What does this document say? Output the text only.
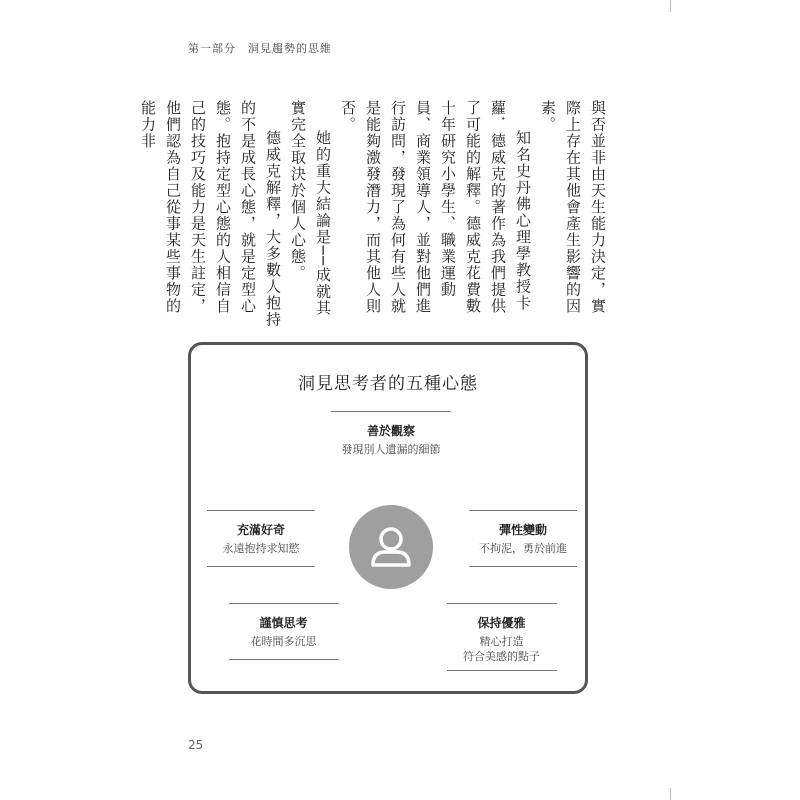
第一部分　洞見趨勢的思維

與否並非由天生能力決定，實際上存在其他會產生影響的因素。

知名史丹佛心理學教授卡蘿．德威克的著作為我們提供了可能的解釋。德威克花費數十年研究小學生、職業運動員、商業領導人，並對他們進行訪問，發現了為何有些人就是能夠激發潛力，而其他人則否。

她的重大結論是──成就其實完全取決於個人心態。

德威克解釋，大多數人抱持的不是成長心態，就是定型心態。抱持定型心態的人相信自己的技巧及能力是天生註定，他們認為自己從事某些事物的能力非

洞見思考者的五種心態
善於觀察
發現別人遺漏的細節
充滿好奇
永遠抱持求知慾
彈性變動
不拘泥，勇於前進
謹慎思考
花時間多沉思
保持優雅
精心打造
符合美感的點子
25
